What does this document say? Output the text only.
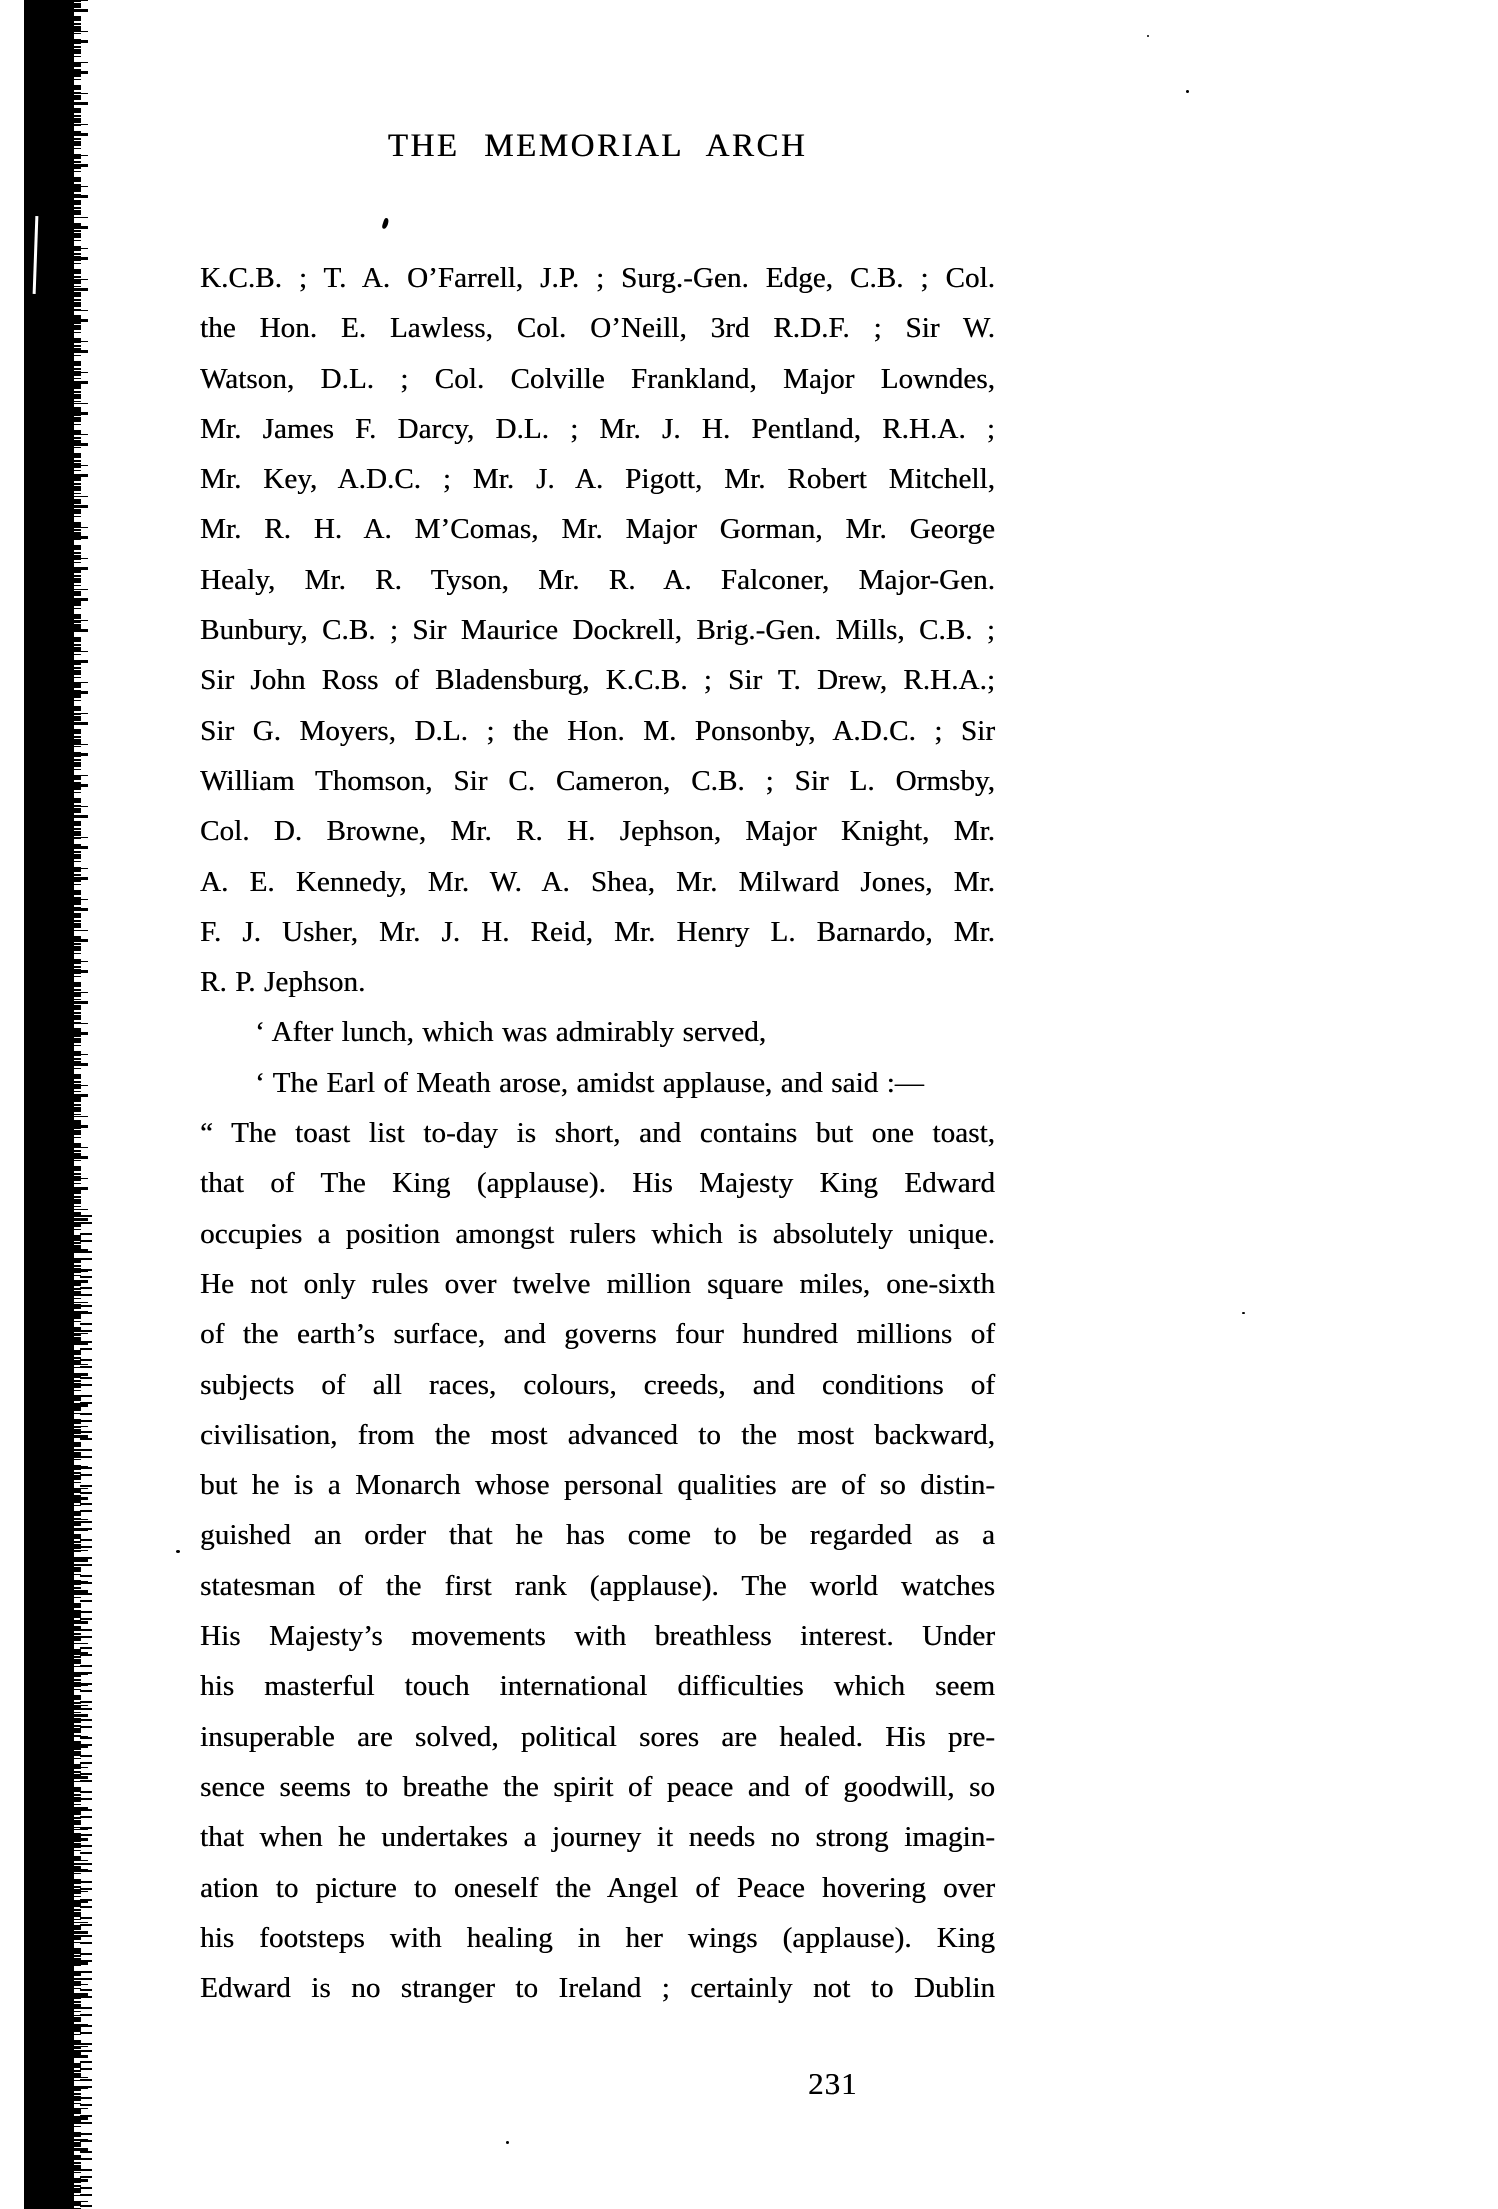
THE MEMORIAL ARCH
K.C.B. ; T. A. O’Farrell, J.P. ; Surg.-Gen. Edge, C.B. ; Col.
the Hon. E. Lawless, Col. O’Neill, 3rd R.D.F. ; Sir W.
Watson, D.L. ; Col. Colville Frankland, Major Lowndes,
Mr. James F. Darcy, D.L. ; Mr. J. H. Pentland, R.H.A. ;
Mr. Key, A.D.C. ; Mr. J. A. Pigott, Mr. Robert Mitchell,
Mr. R. H. A. M’Comas, Mr. Major Gorman, Mr. George
Healy, Mr. R. Tyson, Mr. R. A. Falconer, Major-Gen.
Bunbury, C.B. ; Sir Maurice Dockrell, Brig.-Gen. Mills, C.B. ;
Sir John Ross of Bladensburg, K.C.B. ; Sir T. Drew, R.H.A.;
Sir G. Moyers, D.L. ; the Hon. M. Ponsonby, A.D.C. ; Sir
William Thomson, Sir C. Cameron, C.B. ; Sir L. Ormsby,
Col. D. Browne, Mr. R. H. Jephson, Major Knight, Mr.
A. E. Kennedy, Mr. W. A. Shea, Mr. Milward Jones, Mr.
F. J. Usher, Mr. J. H. Reid, Mr. Henry L. Barnardo, Mr.
R. P. Jephson.
‘ After lunch, which was admirably served,
‘ The Earl of Meath arose, amidst applause, and said :—
“ The toast list to-day is short, and contains but one toast,
that of The King (applause). His Majesty King Edward
occupies a position amongst rulers which is absolutely unique.
He not only rules over twelve million square miles, one-sixth
of the earth’s surface, and governs four hundred millions of
subjects of all races, colours, creeds, and conditions of
civilisation, from the most advanced to the most backward,
but he is a Monarch whose personal qualities are of so distin-
guished an order that he has come to be regarded as a
statesman of the first rank (applause). The world watches
His Majesty’s movements with breathless interest. Under
his masterful touch international difficulties which seem
insuperable are solved, political sores are healed. His pre-
sence seems to breathe the spirit of peace and of goodwill, so
that when he undertakes a journey it needs no strong imagin-
ation to picture to oneself the Angel of Peace hovering over
his footsteps with healing in her wings (applause). King
Edward is no stranger to Ireland ; certainly not to Dublin
231
